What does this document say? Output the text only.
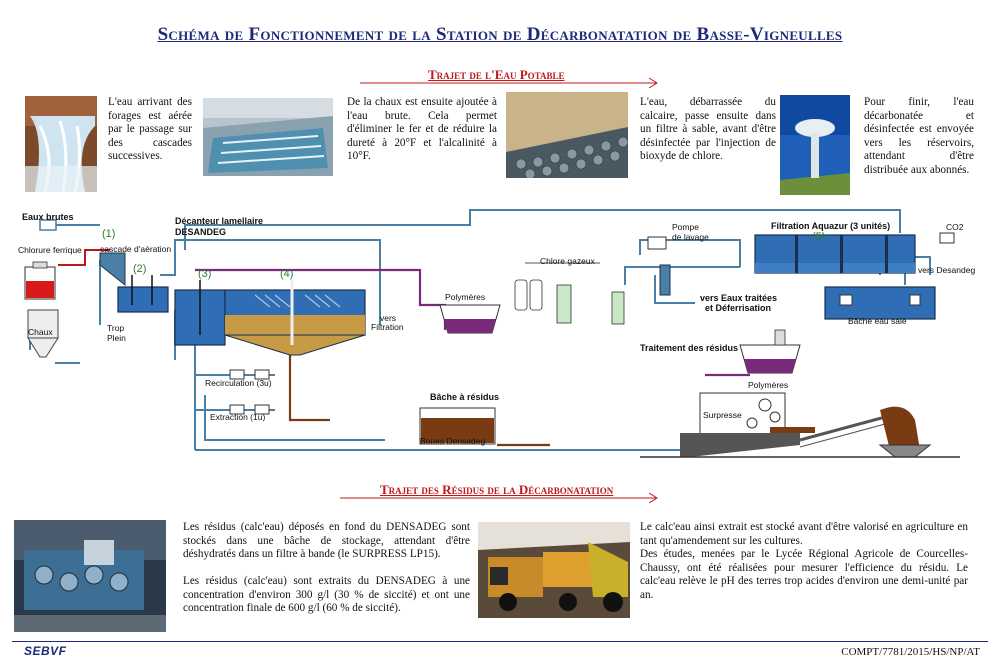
Schéma de Fonctionnement de la Station de Décarbonatation de Basse-Vigneulles
Trajet de l'Eau Potable
L'eau arrivant des forages est aérée par le passage sur des cascades successives.
De la chaux est ensuite ajoutée à l'eau brute. Cela permet d'éliminer le fer et de réduire la dureté à 20°F et l'alcalinité à 10°F.
L'eau, débarrassée du calcaire, passe ensuite dans un filtre à sable, avant d'être désinfectée par l'injection de bioxyde de chlore.
Pour finir, l'eau décarbonatée et désinfectée est envoyée vers les réservoirs, attendant d'être distribuée aux abonnés.
Eaux brutes
Chlorure ferrique cascade d'aération
Décanteur lamellaire
DESANDEG
Chaux	Trop
Plein
Recirculation (3u)
Extraction (1u)
Polymères
vers
Filtration
Chlore gazeux
Pompe
de lavage
Filtration Aquazur (3 unités)	CO2
vers Desandeg
vers Eaux traitées
et Déferrisation
Bâche eau sale
Traitement des résidus
Polymères
Bâche à résidus
Boues Densadeg
Surpresse
(1)
(2)	(3)	(4)
(5)
Trajet des Résidus de la Décarbonatation
Les résidus (calc'eau) déposés en fond du DENSADEG sont stockés dans une bâche de stockage, attendant d'être déshydratés dans un filtre à bande (le SURPRESS LP15).
Les résidus (calc'eau) sont extraits du DENSADEG à une concentration d'environ 300 g/l (30 % de siccité) et ont une concentration finale de 600 g/l (60 % de siccité).
Le calc'eau ainsi extrait est stocké avant d'être valorisé en agriculture en tant qu'amendement sur les cultures.
Des études, menées par le Lycée Régional Agricole de Courcelles-Chaussy, ont été réalisées pour mesurer l'efficience du résidu. Le calc'eau relève le pH des terres trop acides d'environ une demi-unité par an.
SEBVF	COMPT/7781/2015/HS/NP/AT
